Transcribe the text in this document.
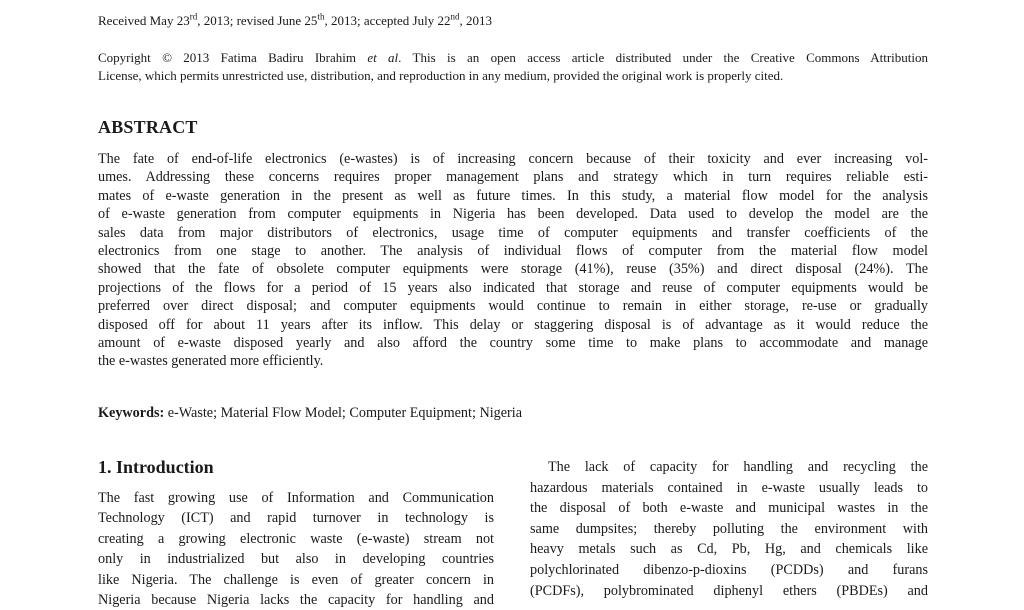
Received May 23rd, 2013; revised June 25th, 2013; accepted July 22nd, 2013
Copyright © 2013 Fatima Badiru Ibrahim et al. This is an open access article distributed under the Creative Commons Attribution
License, which permits unrestricted use, distribution, and reproduction in any medium, provided the original work is properly cited.
ABSTRACT
The fate of end-of-life electronics (e-wastes) is of increasing concern because of their toxicity and ever increasing vol-
umes. Addressing these concerns requires proper management plans and strategy which in turn requires reliable esti-
mates of e-waste generation in the present as well as future times. In this study, a material flow model for the analysis
of e-waste generation from computer equipments in Nigeria has been developed. Data used to develop the model are the
sales data from major distributors of electronics, usage time of computer equipments and transfer coefficients of the
electronics from one stage to another. The analysis of individual flows of computer from the material flow model
showed that the fate of obsolete computer equipments were storage (41%), reuse (35%) and direct disposal (24%). The
projections of the flows for a period of 15 years also indicated that storage and reuse of computer equipments would be
preferred over direct disposal; and computer equipments would continue to remain in either storage, re-use or gradually
disposed off for about 11 years after its inflow. This delay or staggering disposal is of advantage as it would reduce the
amount of e-waste disposed yearly and also afford the country some time to make plans to accommodate and manage
the e-wastes generated more efficiently.
Keywords: e-Waste; Material Flow Model; Computer Equipment; Nigeria
1. Introduction
The fast growing use of Information and Communication
Technology (ICT) and rapid turnover in technology is
creating a growing electronic waste (e-waste) stream not
only in industrialized but also in developing countries
like Nigeria. The challenge is even of greater concern in
Nigeria because Nigeria lacks the capacity for handling and
The lack of capacity for handling and recycling the
hazardous materials contained in e-waste usually leads to
the disposal of both e-waste and municipal wastes in the
same dumpsites; thereby polluting the environment with
heavy metals such as Cd, Pb, Hg, and chemicals like
polychlorinated dibenzo-p-dioxins (PCDDs) and furans
(PCDFs), polybrominated diphenyl ethers (PBDEs) and
